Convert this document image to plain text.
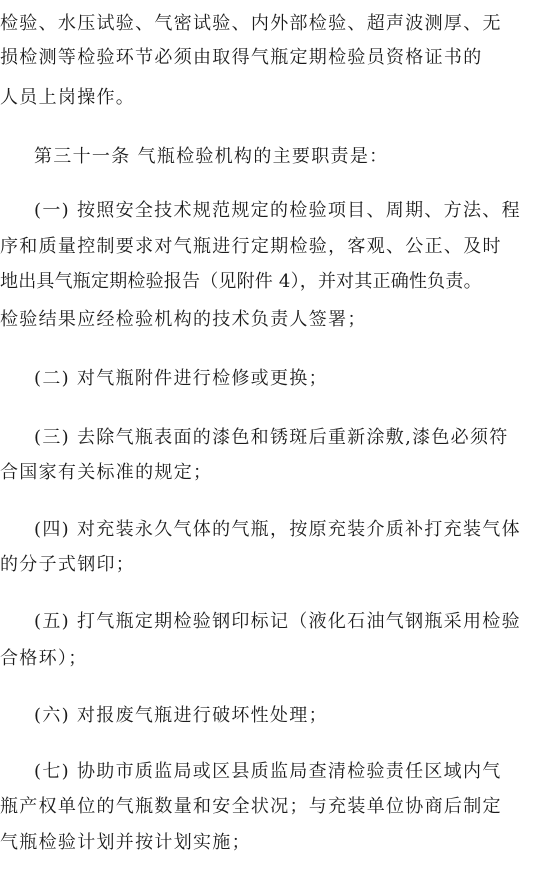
检验、水压试验、气密试验、内外部检验、超声波测厚、无
损检测等检验环节必须由取得气瓶定期检验员资格证书的
人员上岗操作。
第三十一条 气瓶检验机构的主要职责是：
(一) 按照安全技术规范规定的检验项目、周期、方法、程
序和质量控制要求对气瓶进行定期检验，客观、公正、及时
地出具气瓶定期检验报告（见附件 4），并对其正确性负责。
检验结果应经检验机构的技术负责人签署；
(二) 对气瓶附件进行检修或更换；
(三) 去除气瓶表面的漆色和锈斑后重新涂敷,漆色必须符
合国家有关标准的规定；
(四) 对充装永久气体的气瓶，按原充装介质补打充装气体
的分子式钢印；
(五) 打气瓶定期检验钢印标记（液化石油气钢瓶采用检验
合格环）；
(六) 对报废气瓶进行破坏性处理；
(七) 协助市质监局或区县质监局查清检验责任区域内气
瓶产权单位的气瓶数量和安全状况；与充装单位协商后制定
气瓶检验计划并按计划实施；
